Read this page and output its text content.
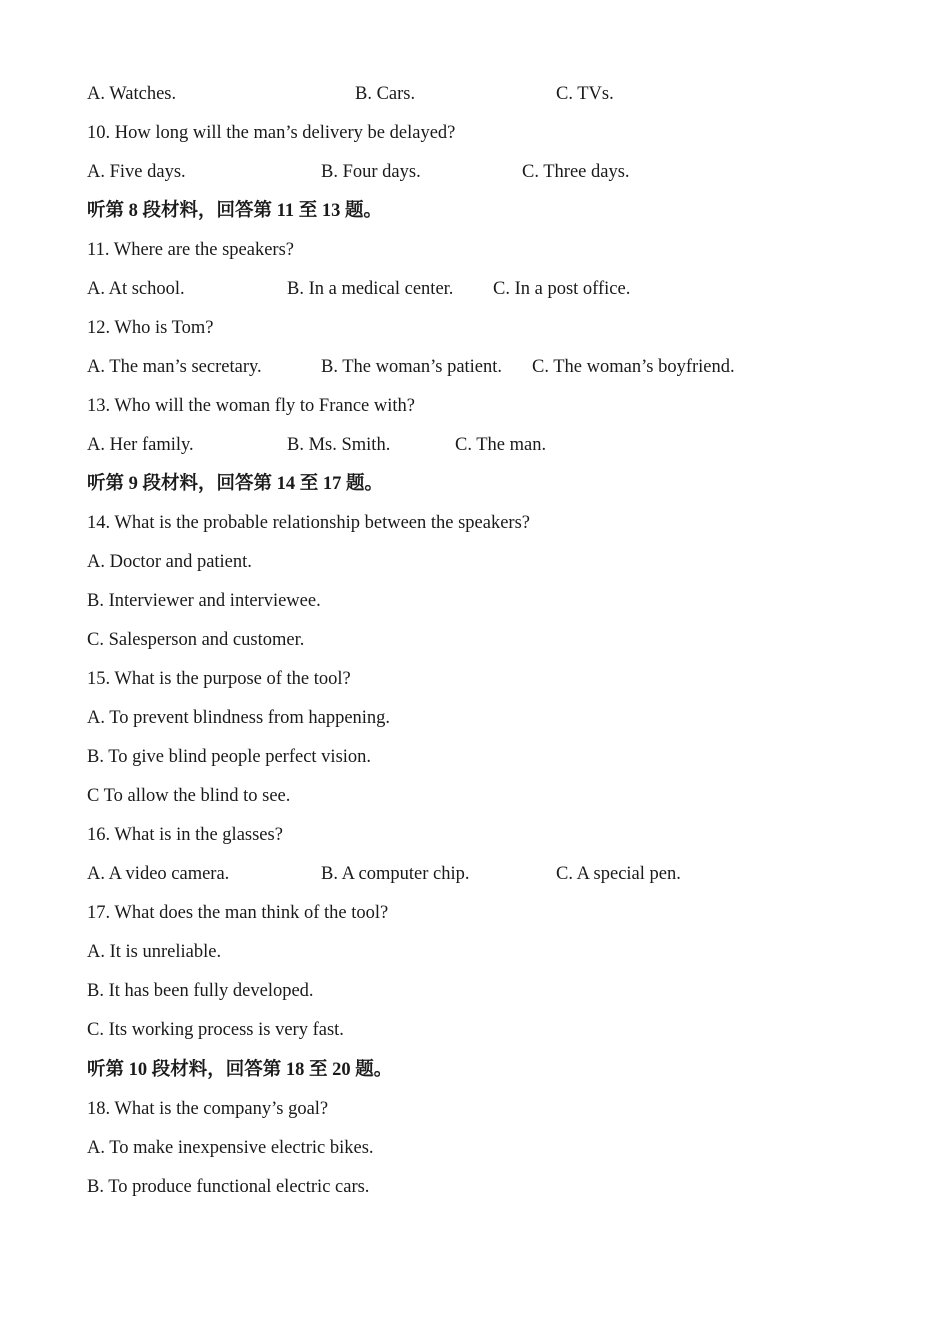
A. Watches.	B. Cars.	C. TVs.
10. How long will the man’s delivery be delayed?
A. Five days.	B. Four days.	C. Three days.
听第 8 段材料，回答第 11 至 13 题。
11. Where are the speakers?
A. At school.	B. In a medical center. C. In a post office.
12. Who is Tom?
A. The man’s secretary.	B. The woman’s patient. C. The woman’s boyfriend.
13. Who will the woman fly to France with?
A. Her family.	B. Ms. Smith.	C. The man.
听第 9 段材料，回答第 14 至 17 题。
14. What is the probable relationship between the speakers?
A. Doctor and patient.
B. Interviewer and interviewee.
C. Salesperson and customer.
15. What is the purpose of the tool?
A. To prevent blindness from happening.
B. To give blind people perfect vision.
C To allow the blind to see.
16. What is in the glasses?
A. A video camera.	B. A computer chip.	C. A special pen.
17. What does the man think of the tool?
A. It is unreliable.
B. It has been fully developed.
C. Its working process is very fast.
听第 10 段材料，回答第 18 至 20 题。
18. What is the company’s goal?
A. To make inexpensive electric bikes.
B. To produce functional electric cars.
